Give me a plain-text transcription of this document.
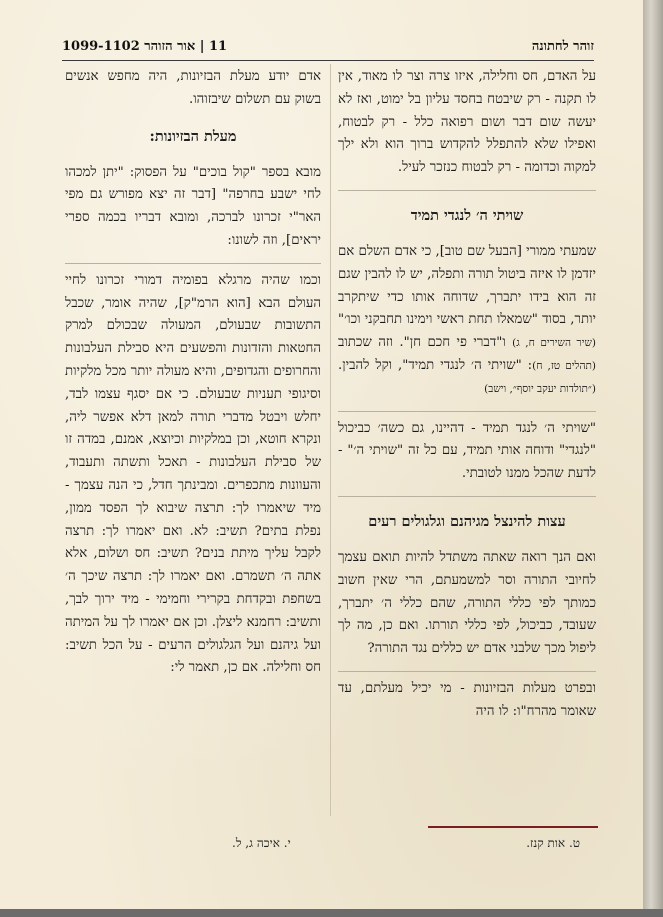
זוהר לחתונה
11 | אור הזוהר 1099-1102

על האדם, חס וחלילה, איזו צרה וצר לו מאוד, אין לו תקנה - רק שיבטח בחסד עליון בל ימוט, ואז לא יעשה שום דבר ושום רפואה כלל - רק לבטוח, ואפילו שלא להתפלל להקדוש ברוך הוא ולא ילך למקוה וכדומה - רק לבטוח כנזכר לעיל.

שויתי ה׳ לנגדי תמיד

שמעתי ממורי [הבעל שם טוב], כי אדם השלם אם יזדמן לו איזה ביטול תורה ותפלה, יש לו להבין שגם זה הוא בידו יתברך, שדוחה אותו כדי שיתקרב יותר, בסוד "שמאלו תחת ראשי וימינו תחבקני וכו׳" (שיר השירים ח, ג) ו"דברי פי חכם חן". וזה שכתוב (תהלים טז, ח): "שויתי ה׳ לנגדי תמיד", וקל להבין. (״תולדות יעקב יוסף״, וישב)

"שויתי ה׳ לנגד תמיד - דהיינו, גם כשה׳ כביכול "לנגדי" ודוחה אותי תמיד, עם כל זה "שויתי ה׳" - לדעת שהכל ממנו לטובתי.

עצות להינצל מגיהנם וגלגולים רעים

ואם הנך רואה שאתה משתדל להיות תואם עצמך לחיובי התורה וסר למשמעתם, הרי שאין חשוב כמותך לפי כללי התורה, שהם כללי ה׳ יתברך, שעובד, כביכול, לפי כללי תורתו. ואם כן, מה לך ליפול מכך שלבני אדם יש כללים נגד התורה?

ובפרט מעלות הבזיונות - מי יכיל מעלתם, עד שאומר מהרח"ו: לו היה

אדם יודע מעלת הבזיונות, היה מחפש אנשים בשוק עם תשלום שיבזוהו.

מעלת הבזיונות:

מובא בספר "קול בוכים" על הפסוק: "יתן למכהו לחי ישבע בחרפה" [דבר זה יצא מפורש גם מפי האר"י זכרונו לברכה, ומובא דבריו בכמה ספרי יראים], וזה לשונו:

וכמו שהיה מרגלא בפומיה דמורי זכרונו לחיי העולם הבא [הוא הרמ"ק], שהיה אומר, שכבל התשובות שבעולם, המעולה שבכולם למרק החטאות והזדונות והפשעים היא סבילת העלבונות והחרופים והגדופים, והיא מעולה יותר מכל מלקיות וסיגופי תעניות שבעולם. כי אם יסגף עצמו לבד, יחלש ויבטל מדברי תורה למאן דלא אפשר ליה, ונקרא חוטא, וכן במלקיות וכיוצא, אמנם, במדה זו של סבילת העלבונות - תאכל ותשתה ותעבוד, והעוונות מתכפרים. ומבינתך חדל, כי הנה עצמך - מיד שיאמרו לך: תרצה שיבוא לך הפסד ממון, נפלת בתים? תשיב: לא. ואם יאמרו לך: תרצה לקבל עליך מיתת בנים? תשיב: חס ושלום, אלא אתה ה׳ תשמרם. ואם יאמרו לך: תרצה שיכך ה׳ בשחפת ובקדחת בקרירי וחמימי - מיד ירוך לבך, ותשיב: רחמנא ליצלן. וכן אם יאמרו לך על המיתה ועל גיהנם ועל הגלגולים הרעים - על הכל תשיב: חס וחלילה. אם כן, תאמר לי:

ט. אות קנז.
י. איכה ג, ל.
